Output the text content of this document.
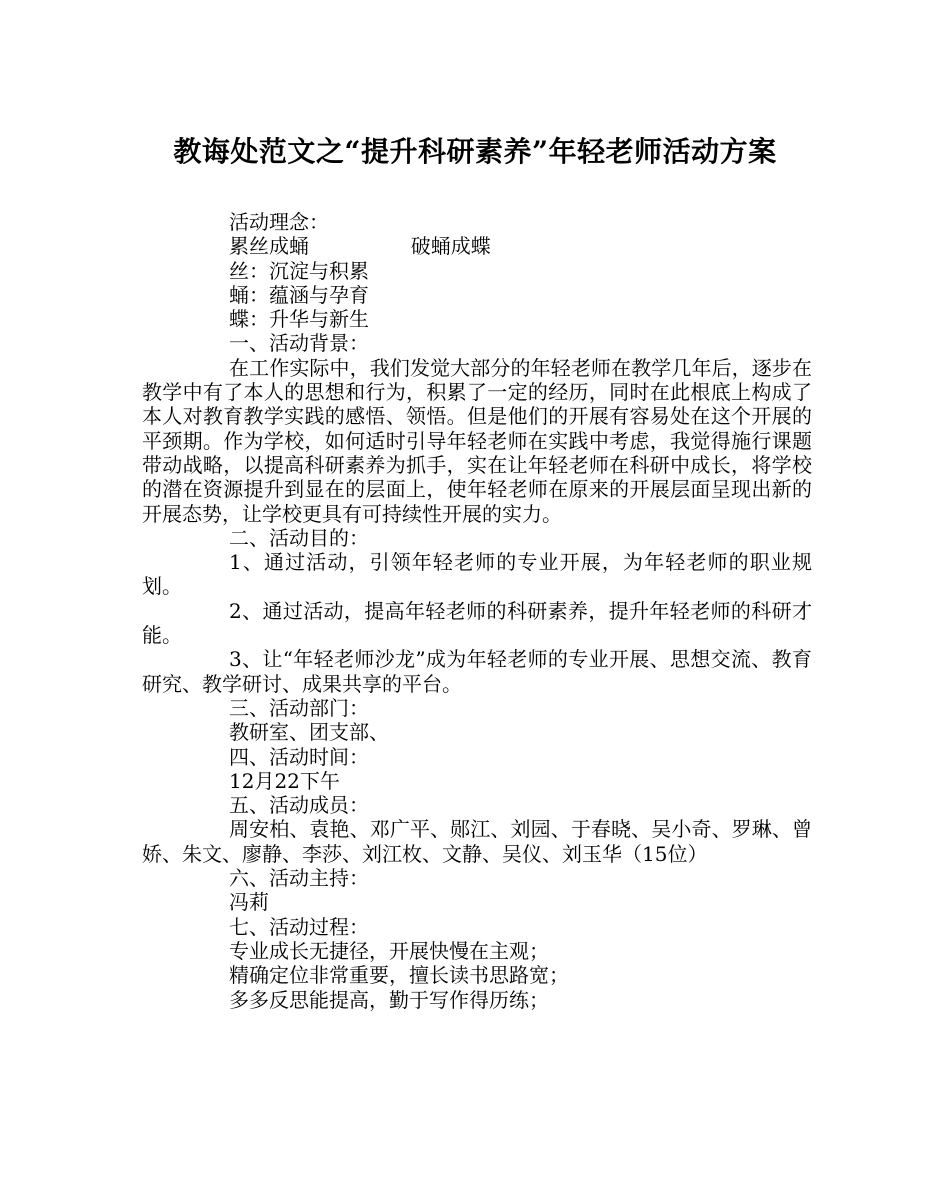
教诲处范文之“提升科研素养”年轻老师活动方案

活动理念：

累丝成蛹                破蛹成蝶

丝：沉淀与积累

蛹：蕴涵与孕育

蝶：升华与新生

一、活动背景：

在工作实际中，我们发觉大部分的年轻老师在教学几年后，逐步在教学中有了本人的思想和行为，积累了一定的经历，同时在此根底上构成了本人对教育教学实践的感悟、领悟。但是他们的开展有容易处在这个开展的平颈期。作为学校，如何适时引导年轻老师在实践中考虑，我觉得施行课题带动战略，以提高科研素养为抓手，实在让年轻老师在科研中成长，将学校的潜在资源提升到显在的层面上，使年轻老师在原来的开展层面呈现出新的开展态势，让学校更具有可持续性开展的实力。

二、活动目的：

1、通过活动，引领年轻老师的专业开展，为年轻老师的职业规划。

2、通过活动，提高年轻老师的科研素养，提升年轻老师的科研才能。

3、让“年轻老师沙龙”成为年轻老师的专业开展、思想交流、教育研究、教学研讨、成果共享的平台。

三、活动部门：

教研室、团支部、

四、活动时间：

12月22下午

五、活动成员：

周安柏、袁艳、邓广平、郧江、刘园、于春晓、吴小奇、罗琳、曾娇、朱文、廖静、李莎、刘江枚、文静、吴仪、刘玉华（15位）

六、活动主持：

冯莉

七、活动过程：

专业成长无捷径，开展快慢在主观；

精确定位非常重要，擅长读书思路宽；

多多反思能提高，勤于写作得历练；
